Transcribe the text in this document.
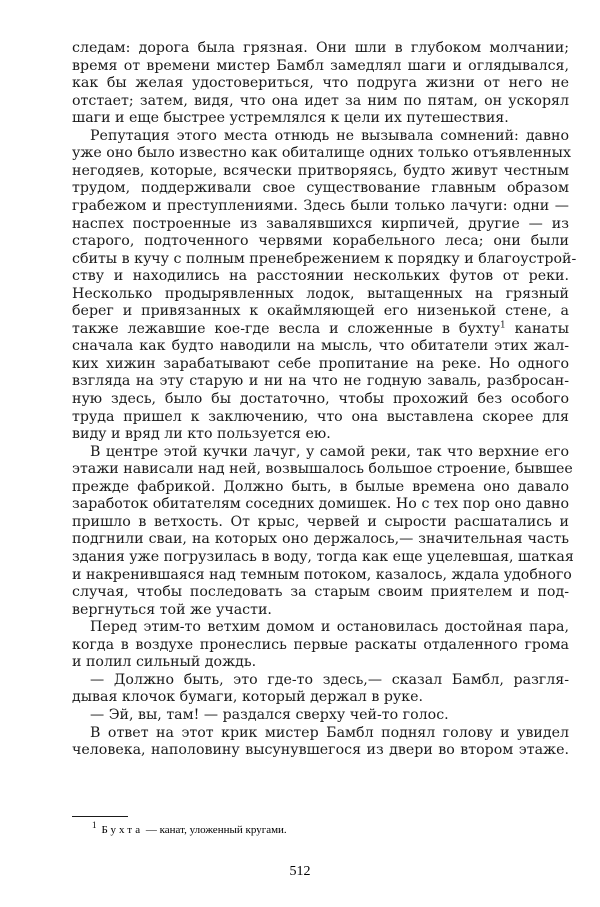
следам: дорога была грязная. Они шли в глубоком молчании;
время от времени мистер Бамбл замедлял шаги и оглядывался,
как бы желая удостовериться, что подруга жизни от него не
отстает; затем, видя, что она идет за ним по пятам, он ускорял
шаги и еще быстрее устремлялся к цели их путешествия.
Репутация этого места отнюдь не вызывала сомнений: давно
уже оно было известно как обиталище одних только отъявленных
негодяев, которые, всячески притворяясь, будто живут честным
трудом, поддерживали свое существование главным образом
грабежом и преступлениями. Здесь были только лачуги: одни —
наспех построенные из завалявшихся кирпичей, другие — из
старого, подточенного червями корабельного леса; они были
сбиты в кучу с полным пренебрежением к порядку и благоустрой-
ству и находились на расстоянии нескольких футов от реки.
Несколько продырявленных лодок, вытащенных на грязный
берег и привязанных к окаймляющей его низенькой стене, а
также лежавшие кое-где весла и сложенные в бухту$^1$ канаты
сначала как будто наводили на мысль, что обитатели этих жал-
ких хижин зарабатывают себе пропитание на реке. Но одного
взгляда на эту старую и ни на что не годную заваль, разбросан-
ную здесь, было бы достаточно, чтобы прохожий без особого
труда пришел к заключению, что она выставлена скорее для
виду и вряд ли кто пользуется ею.
В центре этой кучки лачуг, у самой реки, так что верхние его
этажи нависали над ней, возвышалось большое строение, бывшее
прежде фабрикой. Должно быть, в былые времена оно давало
заработок обитателям соседних домишек. Но с тех пор оно давно
пришло в ветхость. От крыс, червей и сырости расшатались и
подгнили сваи, на которых оно держалось,— значительная часть
здания уже погрузилась в воду, тогда как еще уцелевшая, шаткая
и накренившаяся над темным потоком, казалось, ждала удобного
случая, чтобы последовать за старым своим приятелем и под-
вергнуться той же участи.
Перед этим-то ветхим домом и остановилась достойная пара,
когда в воздухе пронеслись первые раскаты отдаленного грома
и полил сильный дождь.
— Должно быть, это где-то здесь,— сказал Бамбл, разгля-
дывая клочок бумаги, который держал в руке.
— Эй, вы, там! — раздался сверху чей-то голос.
В ответ на этот крик мистер Бамбл поднял голову и увидел
человека, наполовину высунувшегося из двери во втором этаже.
$^1$ Бухта — канат, уложенный кругами.
512
